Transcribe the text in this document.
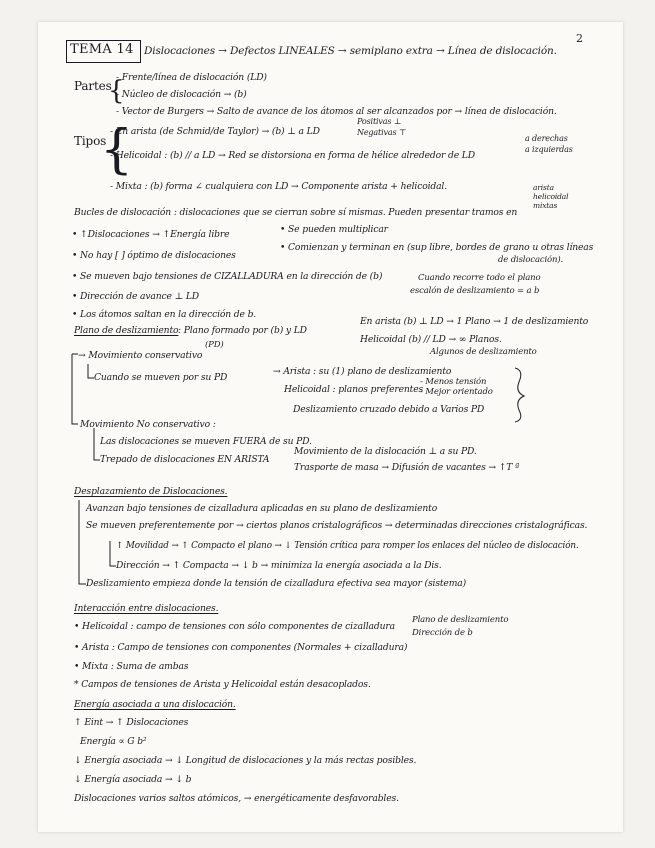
TEMA 14 Dislocaciones → Defectos LINEALES → semiplano extra → Línea de dislocación.
2
Partes
{
- Frente/línea de dislocación (LD)
- Núcleo de dislocación → (b)
- Vector de Burgers → Salto de avance de los átomos al ser alcanzados por → línea de dislocación.
Tipos
{
- En arista (de Schmid/de Taylor) → (b) ⊥ a LD
Positivas ⊥
Negativas ⊤
- Helicoidal : (b) // a LD → Red se distorsiona en forma de hélice alrededor de LD
a derechas
a izquierdas
- Mixta : (b) forma ∠ cualquiera con LD → Componente arista + helicoidal.
Bucles de dislocación : dislocaciones que se cierran sobre sí mismas. Pueden presentar tramos en
arista
helicoidal
mixtas
• ↑Dislocaciones → ↑Energía libre
• No hay [ ] óptimo de dislocaciones
• Se pueden multiplicar
• Comienzan y terminan en (sup libre, bordes de grano u otras líneas
de dislocación).
• Se mueven bajo tensiones de CIZALLADURA en la dirección de (b)	Cuando recorre todo el plano
escalón de deslizamiento = a b
• Dirección de avance ⊥ LD
• Los átomos saltan en la dirección de b.
Plano de deslizamiento : Plano formado por (b) y LD
(PD)
En arista (b) ⊥ LD → 1 Plano → 1 de deslizamiento
Helicoidal (b) // LD → ∞ Planos.
Algunos de deslizamiento
→ Movimiento conservativo
Cuando se mueven por su PD
→ Arista : su (1) plano de deslizamiento
Helicoidal : planos preferentes
- Menos tensión
- Mejor orientado
Deslizamiento cruzado debido a Varios PD
Movimiento No conservativo :
Las dislocaciones se mueven FUERA de su PD.
Trepado de dislocaciones EN ARISTA
Movimiento de la dislocación ⊥ a su PD.
Trasporte de masa → Difusión de vacantes → ↑T ª
Desplazamiento de Dislocaciones.
Avanzan bajo tensiones de cizalladura aplicadas en su plano de deslizamiento
Se mueven preferentemente por → ciertos planos cristalográficos → determinadas direcciones cristalográficas.
↑ Movilidad → ↑ Compacto el plano → ↓ Tensión crítica para romper los enlaces del núcleo de dislocación.
Dirección → ↑ Compacta → ↓ b → minimiza la energía asociada a la Dis.
Deslizamiento empieza donde la tensión de cizalladura efectiva sea mayor (sistema)
Interacción entre dislocaciones.
• Helicoidal : campo de tensiones con sólo componentes de cizalladura
Plano de deslizamiento
Dirección de b
• Arista : Campo de tensiones con componentes (Normales + cizalladura)
• Mixta : Suma de ambas
* Campos de tensiones de Arista y Helicoidal están desacoplados.
Energía asociada a una dislocación.
↑ Eint → ↑ Dislocaciones
Energía ∝ G b²
↓ Energía asociada → ↓ Longitud de dislocaciones y la más rectas posibles.
↓ Energía asociada → ↓ b
Dislocaciones varios saltos atómicos, → energéticamente desfavorables.
